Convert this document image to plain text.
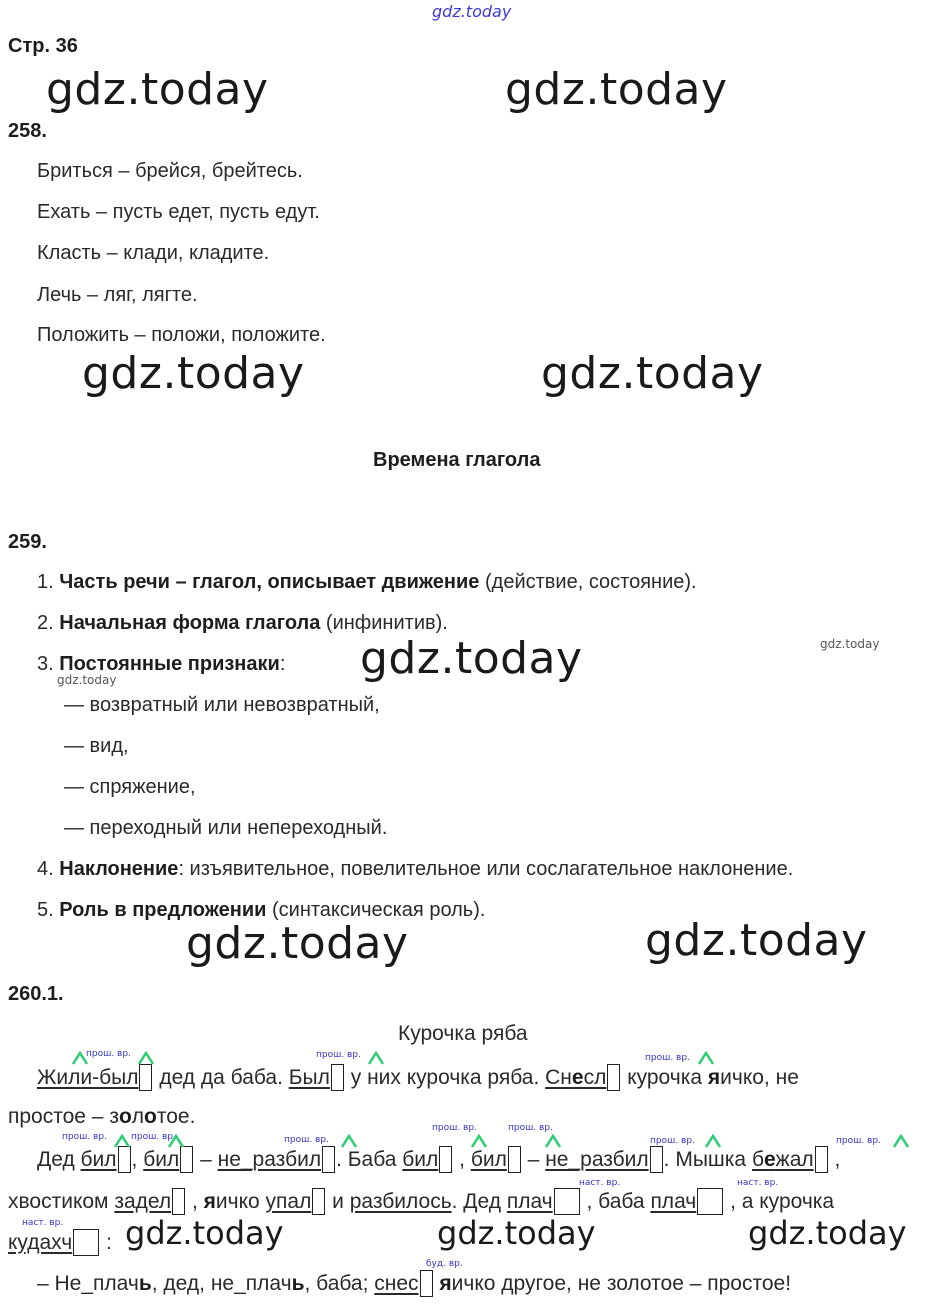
gdz.today
Стр. 36
gdz.today	gdz.today
258.
Бриться – брейся, брейтесь.
Ехать – пусть едет, пусть едут.
Класть – клади, кладите.
Лечь – ляг, лягте.
Положить – положи, положите.
gdz.today	gdz.today
Времена глагола
259.
1. Часть речи – глагол, описывает движение (действие, состояние).
2. Начальная форма глагола (инфинитив).
3. Постоянные признаки: gdz.today	gdz.today
gdz.today
— возвратный или невозвратный,
— вид,
— спряжение,
— переходный или непереходный.
4. Наклонение: изъявительное, повелительное или сослагательное наклонение.
5. Роль в предложении (синтаксическая роль).
gdz.today	gdz.today
260.1.
Курочка ряба
Жили-был дед да баба. Был у них курочка ряба. Снесл курочка яичко, не
простое – золотое.
Дед бил , бил – не_разбил . Баба бил , бил – не_разбил . Мышка бежал ,
хвостиком задел , яичко упал и разбилось. Дед плач , баба плач , а курочка
кудахч : gdz.today	gdz.today	gdz.today
– Не_плачь, дед, не_плачь, баба; снес яичко другое, не золотое – простое!
прош. вр.	прош. вр.	прош. вр.
прош. вр.	прош. вр.	прош. вр.
прош. вр.	прош. вр.
прош. вр.	прош. вр.
наст. вр.	наст. вр.
наст. вр.
буд. вр.
